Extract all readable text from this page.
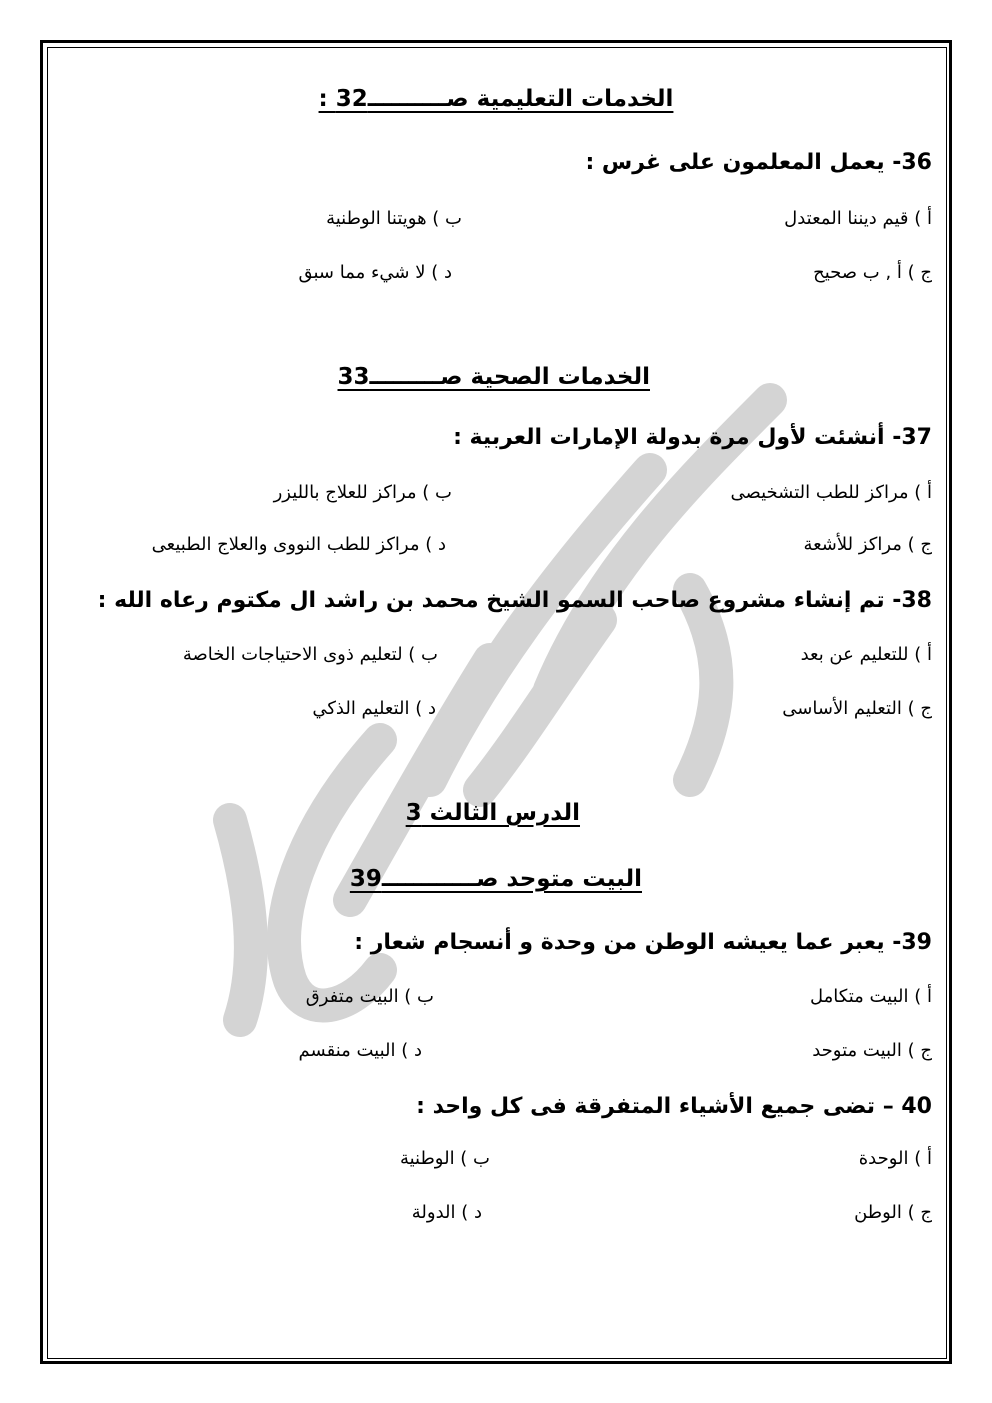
الخدمات التعليمية صــــــــــ32 :
36- يعمل المعلمون على غرس :
أ ) قيم ديننا المعتدل
ب ) هويتنا الوطنية
ج ) أ , ب صحيح
د ) لا شيء مما سبق
الخدمات الصحية صـــــــــ33
37- أنشئت لأول مرة بدولة الإمارات العربية :
أ ) مراكز للطب التشخيصى
ب ) مراكز للعلاج بالليزر
ج ) مراكز للأشعة
د ) مراكز للطب النووى والعلاج الطبيعى
38- تم إنشاء مشروع صاحب السمو الشيخ محمد بن راشد ال مكتوم رعاه الله :
أ ) للتعليم عن بعد
ب ) لتعليم ذوى الاحتياجات الخاصة
ج ) التعليم الأساسى
د ) التعليم الذكي
الدرس الثالث 3
البيت متوحد صــــــــــــ39
39- يعبر عما يعيشه الوطن من وحدة و أنسجام شعار :
أ ) البيت متكامل
ب ) البيت متفرق
ج ) البيت متوحد
د ) البيت منقسم
40 – تضى جميع الأشياء المتفرقة فى كل واحد :
أ ) الوحدة
ب ) الوطنية
ج ) الوطن
د ) الدولة
